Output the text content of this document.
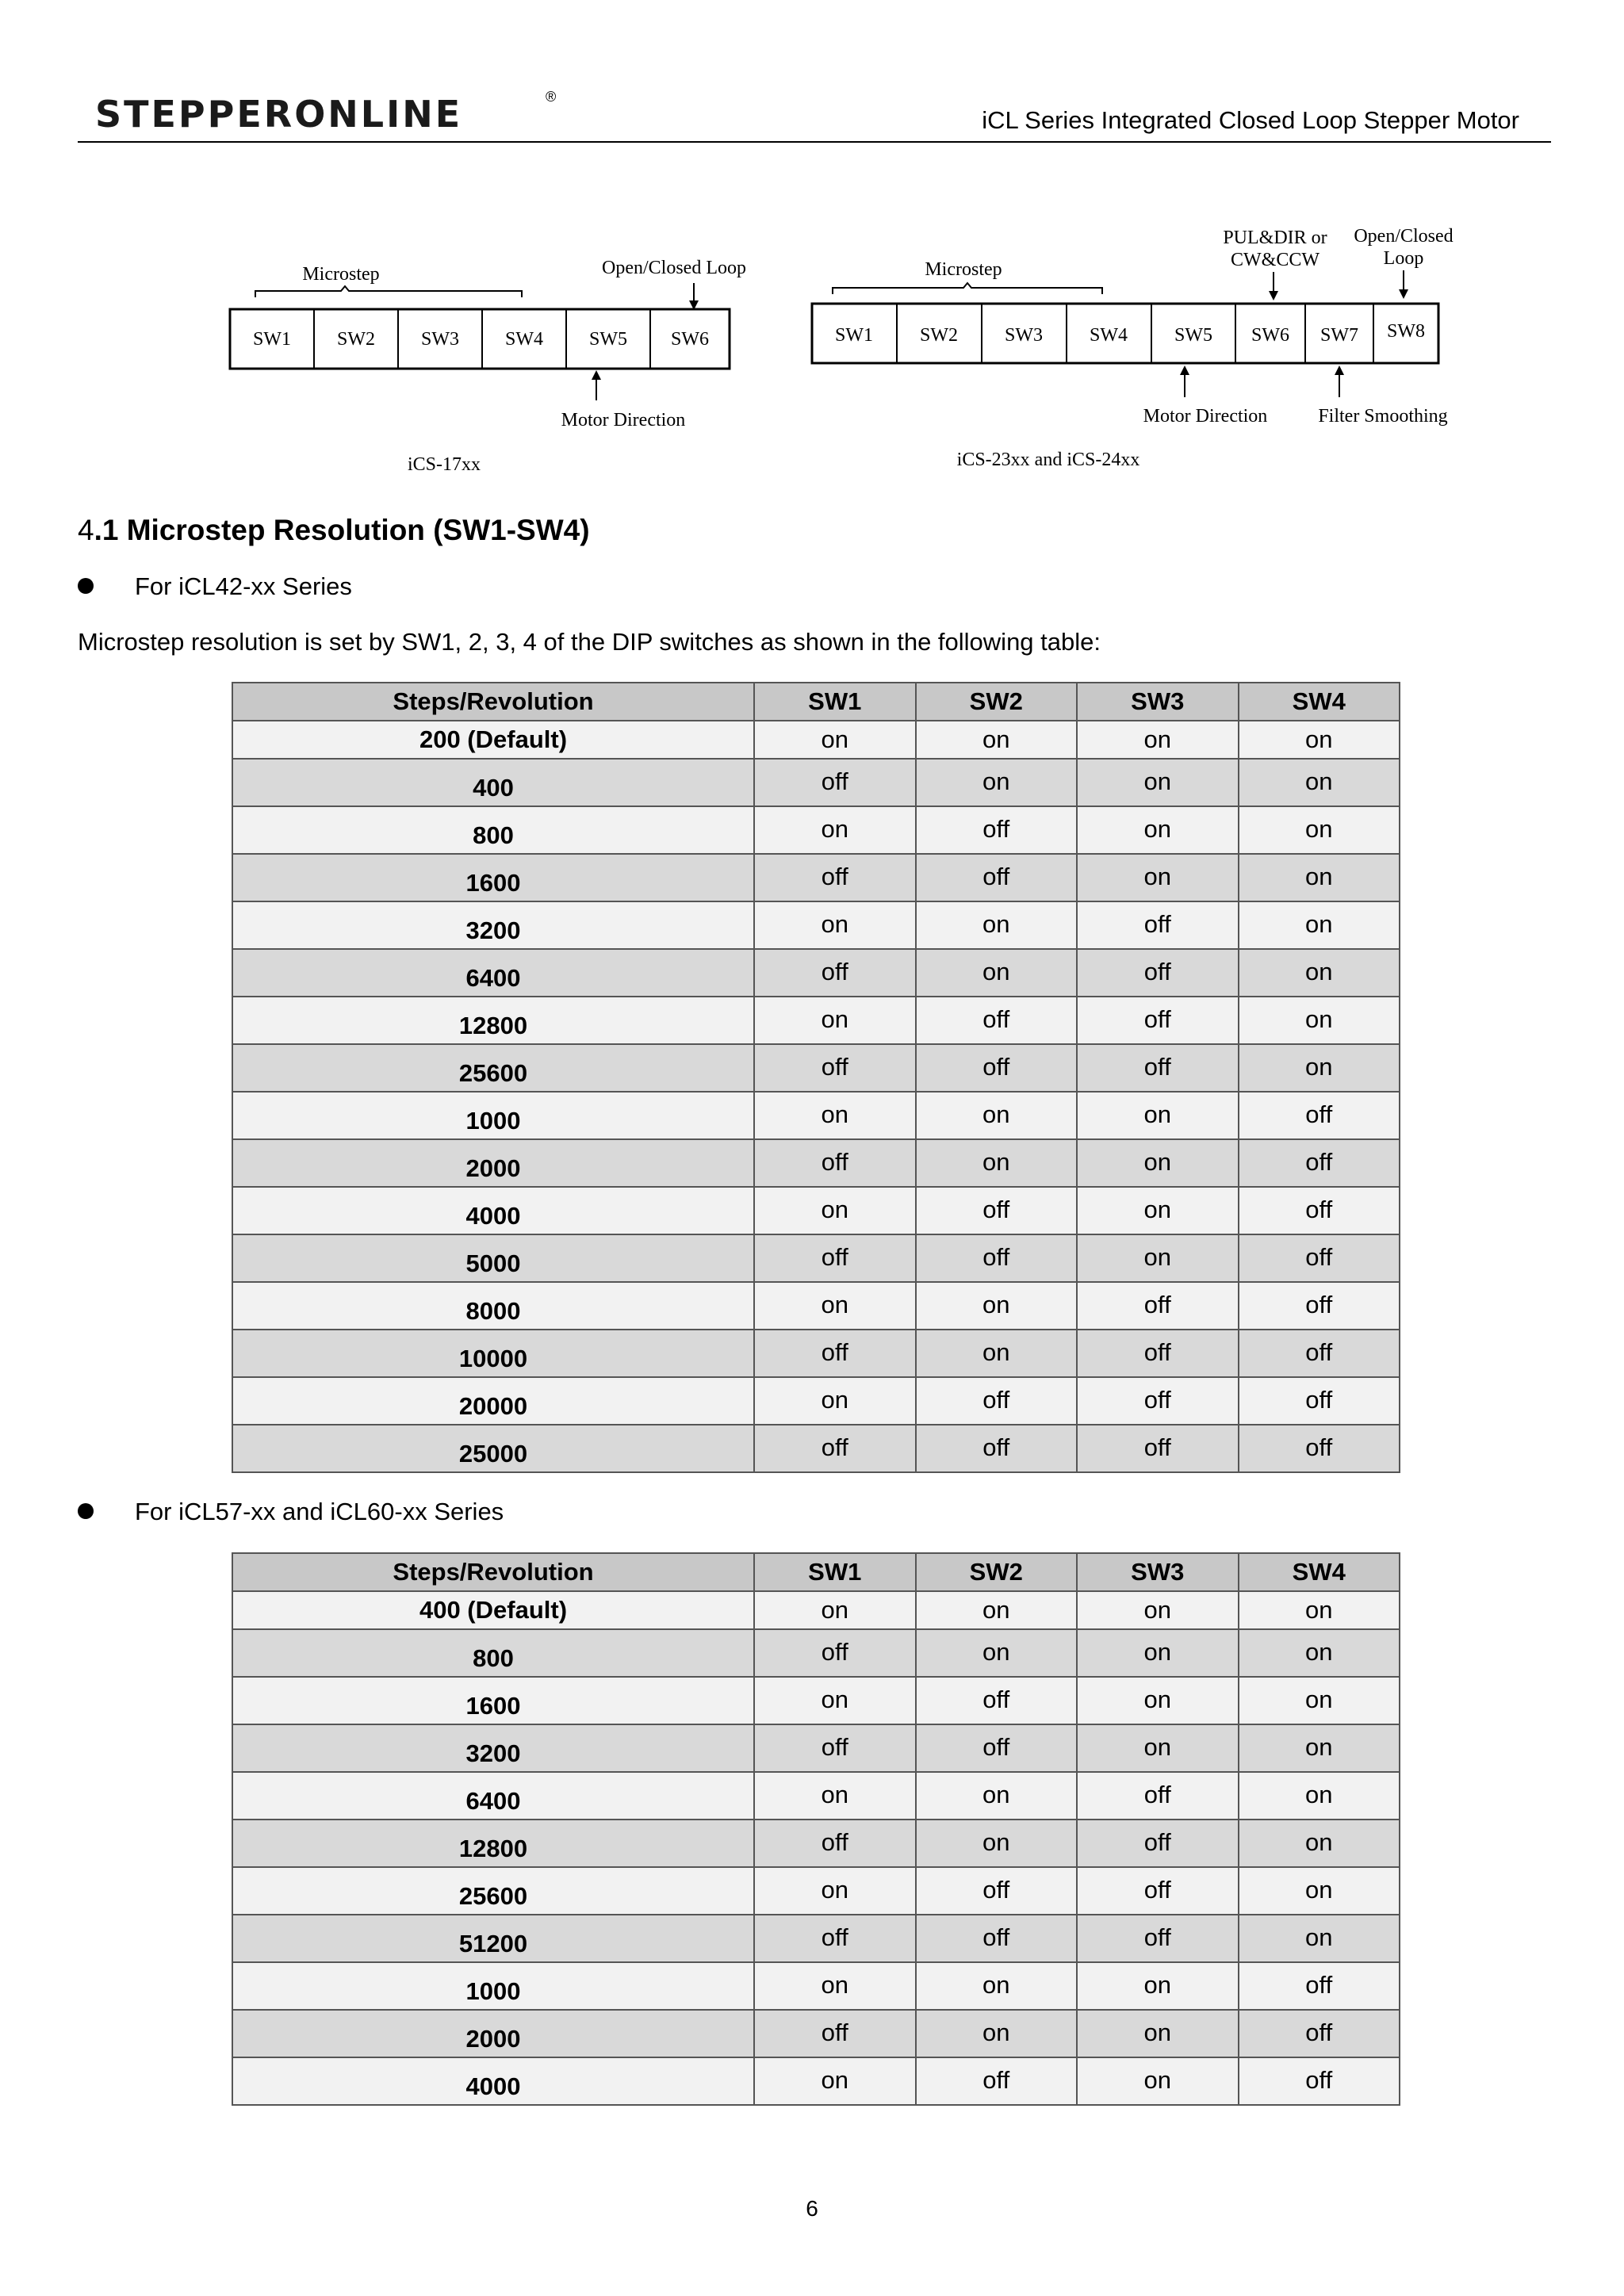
STEPPERONLINE	®
iCL Series Integrated Closed Loop Stepper Motor
Microstep	Open/Closed Loop
SW1 SW2 SW3 SW4 SW5 SW6
Motor Direction
iCS-17xx
Microstep
PUL&DIR or
CW&CCW
Open/Closed
Loop
SW1 SW2 SW3 SW4 SW5 SW6 SW7 SW8
Motor Direction	Filter Smoothing
iCS-23xx and iCS-24xx
4.1 Microstep Resolution (SW1-SW4)
For iCL42-xx Series
Microstep resolution is set by SW1, 2, 3, 4 of the DIP switches as shown in the following table:
Steps/Revolution	SW1	SW2	SW3	SW4
200 (Default)	on	on	on	on
400	off	on	on	on
800	on	off	on	on
1600	off	off	on	on
3200	on	on	off	on
6400	off	on	off	on
12800	on	off	off	on
25600	off	off	off	on
1000	on	on	on	off
2000	off	on	on	off
4000	on	off	on	off
5000	off	off	on	off
8000	on	on	off	off
10000	off	on	off	off
20000	on	off	off	off
25000	off	off	off	off
For iCL57-xx and iCL60-xx Series
Steps/Revolution	SW1	SW2	SW3	SW4
400 (Default)	on	on	on	on
800	off	on	on	on
1600	on	off	on	on
3200	off	off	on	on
6400	on	on	off	on
12800	off	on	off	on
25600	on	off	off	on
51200	off	off	off	on
1000	on	on	on	off
2000	off	on	on	off
4000	on	off	on	off
6
